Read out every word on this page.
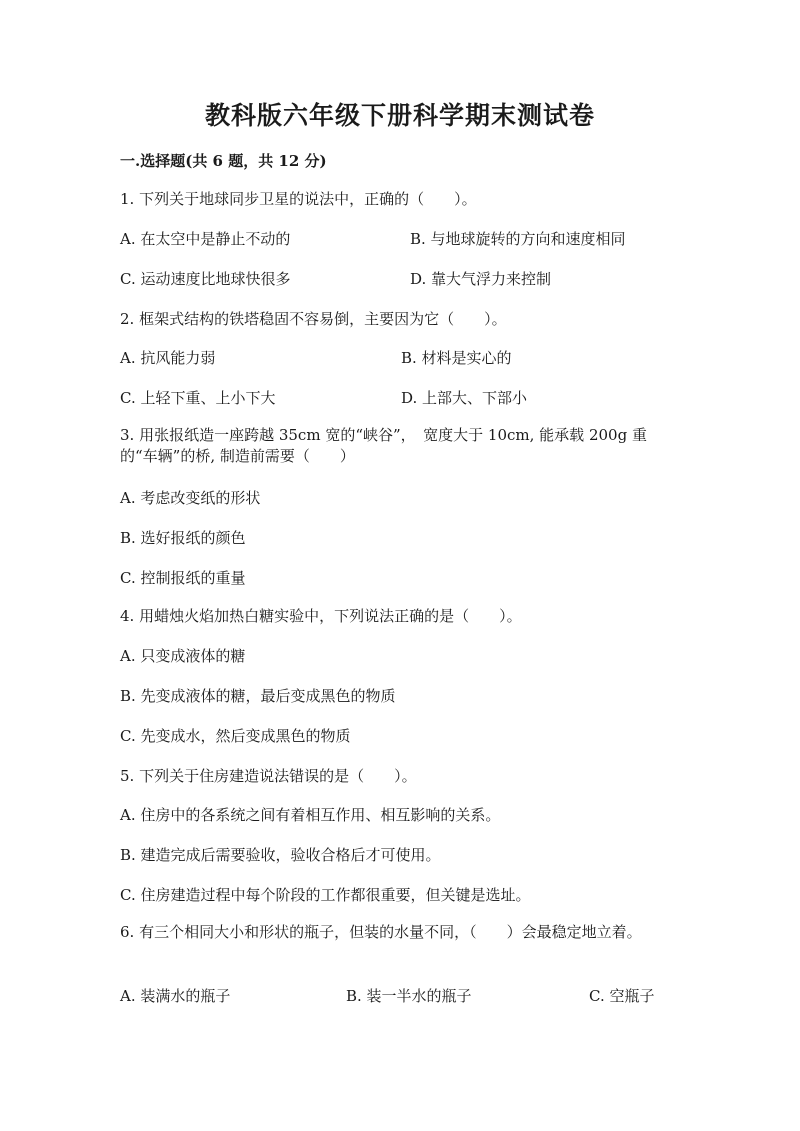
教科版六年级下册科学期末测试卷
一.选择题(共 6 题，共 12 分)
1. 下列关于地球同步卫星的说法中，正确的（　　）。
A. 在太空中是静止不动的	B. 与地球旋转的方向和速度相同
C. 运动速度比地球快很多	D. 靠大气浮力来控制
2. 框架式结构的铁塔稳固不容易倒，主要因为它（　　）。
A. 抗风能力弱	B. 材料是实心的
C. 上轻下重、上小下大	D. 上部大、下部小
3. 用张报纸造一座跨越 35cm 宽的“峡谷”，　宽度大于 10cm, 能承载 200g 重的“车辆”的桥, 制造前需要（　　）
A. 考虑改变纸的形状
B. 选好报纸的颜色
C. 控制报纸的重量
4. 用蜡烛火焰加热白糖实验中，下列说法正确的是（　　）。
A. 只变成液体的糖
B. 先变成液体的糖，最后变成黑色的物质
C. 先变成水，然后变成黑色的物质
5. 下列关于住房建造说法错误的是（　　）。
A. 住房中的各系统之间有着相互作用、相互影响的关系。
B. 建造完成后需要验收，验收合格后才可使用。
C. 住房建造过程中每个阶段的工作都很重要，但关键是选址。
6. 有三个相同大小和形状的瓶子，但装的水量不同，（　　）会最稳定地立着。
A. 装满水的瓶子	B. 装一半水的瓶子	C. 空瓶子
